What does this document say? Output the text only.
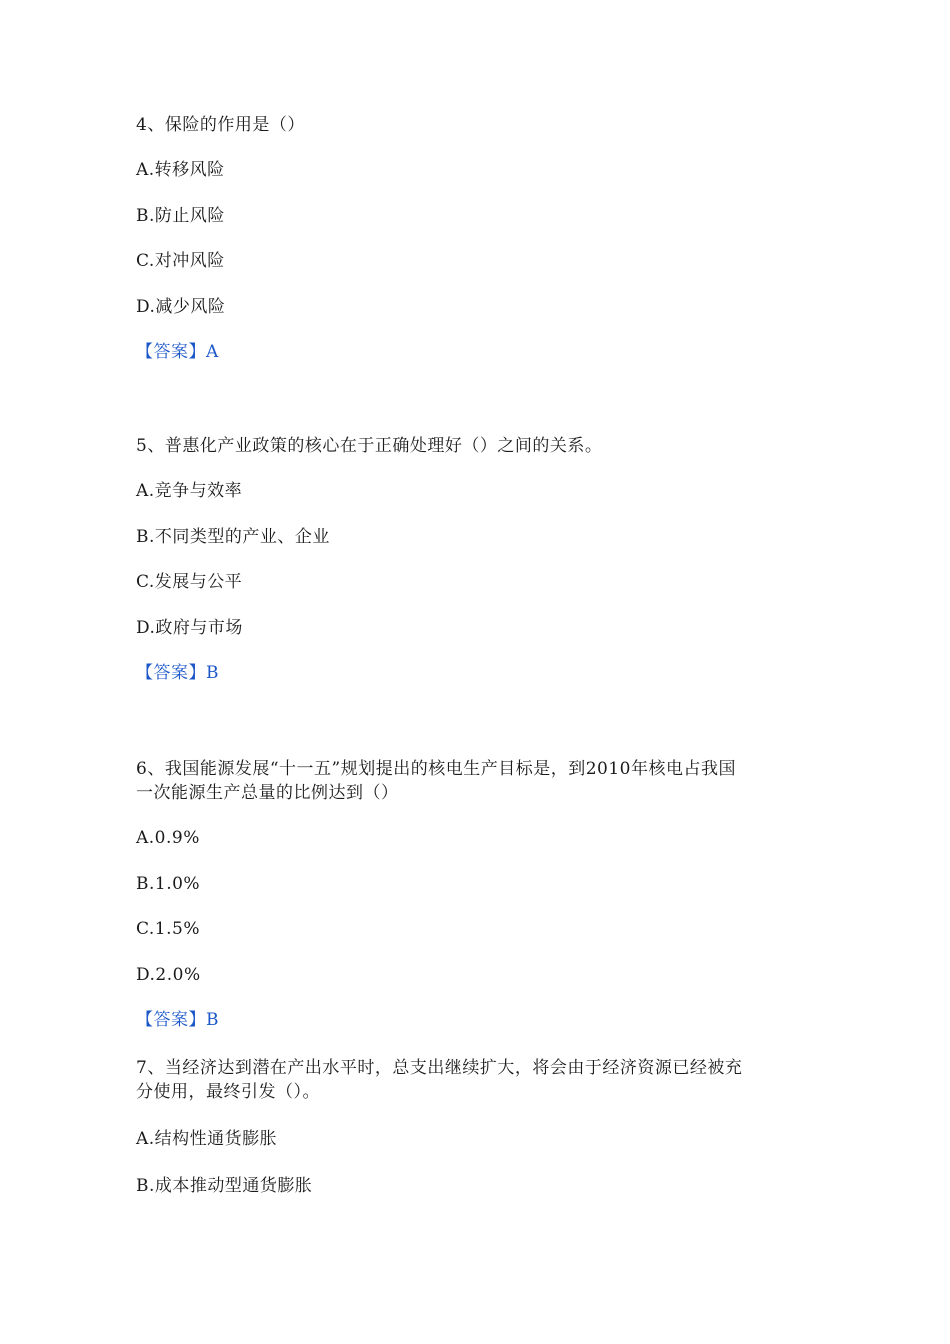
4、保险的作用是（）
A.转移风险
B.防止风险
C.对冲风险
D.减少风险
【答案】A
5、普惠化产业政策的核心在于正确处理好（）之间的关系。
A.竞争与效率
B.不同类型的产业、企业
C.发展与公平
D.政府与市场
【答案】B
6、我国能源发展“十一五”规划提出的核电生产目标是，到2010年核电占我国
一次能源生产总量的比例达到（）
A.0.9%
B.1.0%
C.1.5%
D.2.0%
【答案】B
7、当经济达到潜在产出水平时，总支出继续扩大，将会由于经济资源已经被充
分使用，最终引发（）。
A.结构性通货膨胀
B.成本推动型通货膨胀
